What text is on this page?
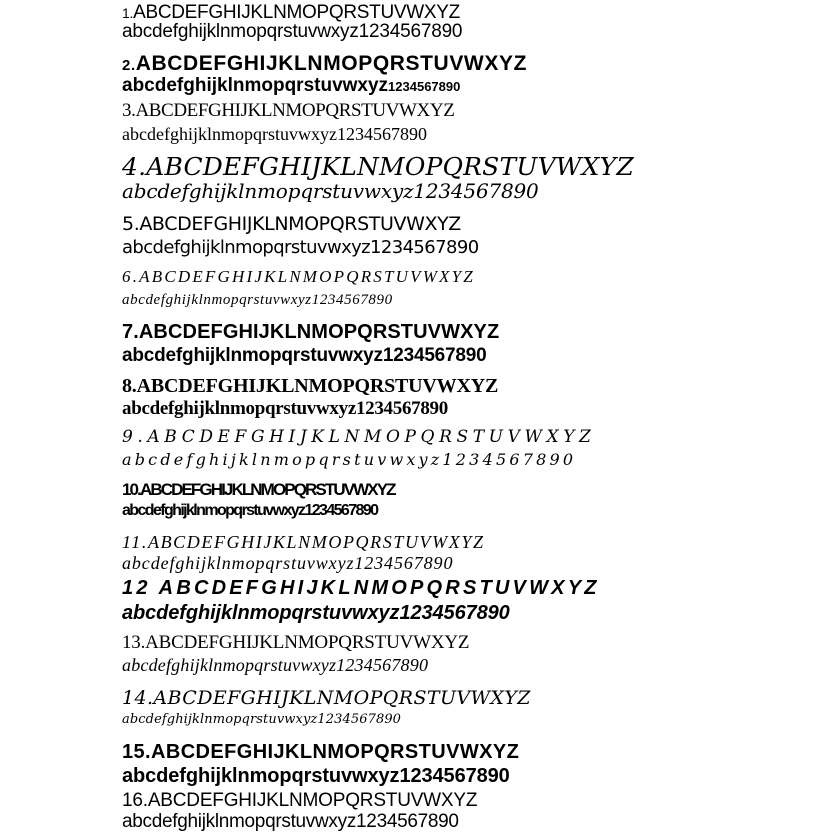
1.ABCDEFGHIJKLNMOPQRSTUVWXYZ
abcdefghijklnmopqrstuvwxyz1234567890
2.ABCDEFGHIJKLNMOPQRSTUVWXYZ
abcdefghijklnmopqrstuvwxyz1234567890
3.ABCDEFGHIJKLNMOPQRSTUVWXYZ
abcdefghijklnmopqrstuvwxyz1234567890
4.ABCDEFGHIJKLNMOPQRSTUVWXYZ
abcdefghijklnmopqrstuvwxyz1234567890
5.ABCDEFGHIJKLNMOPQRSTUVWXYZ
abcdefghijklnmopqrstuvwxyz1234567890
6.ABCDEFGHIJKLNMOPQRSTUVWXYZ
abcdefghijklnmopqrstuvwxyz1234567890
7.ABCDEFGHIJKLNMOPQRSTUVWXYZ
abcdefghijklnmopqrstuvwxyz1234567890
8.ABCDEFGHIJKLNMOPQRSTUVWXYZ
abcdefghijklnmopqrstuvwxyz1234567890
9.ABCDEFGHIJKLNMOPQRSTUVWXYZ
abcdefghijklnmopqrstuvwxyz1234567890
10.ABCDEFGHIJKLNMOPQRSTUVWXYZ
abcdefghijklnmopqrstuvwxyz1234567890
11.ABCDEFGHIJKLNMOPQRSTUVWXYZ
abcdefghijklnmopqrstuvwxyz1234567890
12 ABCDEFGHIJKLNMOPQRSTUVWXYZ
abcdefghijklnmopqrstuvwxyz1234567890
13.ABCDEFGHIJKLNMOPQRSTUVWXYZ
abcdefghijklnmopqrstuvwxyz1234567890
14.ABCDEFGHIJKLNMOPQRSTUVWXYZ
abcdefghijklnmopqrstuvwxyz1234567890
15.ABCDEFGHIJKLNMOPQRSTUVWXYZ
abcdefghijklnmopqrstuvwxyz1234567890
16.ABCDEFGHIJKLNMOPQRSTUVWXYZ
abcdefghijklnmopqrstuvwxyz1234567890
